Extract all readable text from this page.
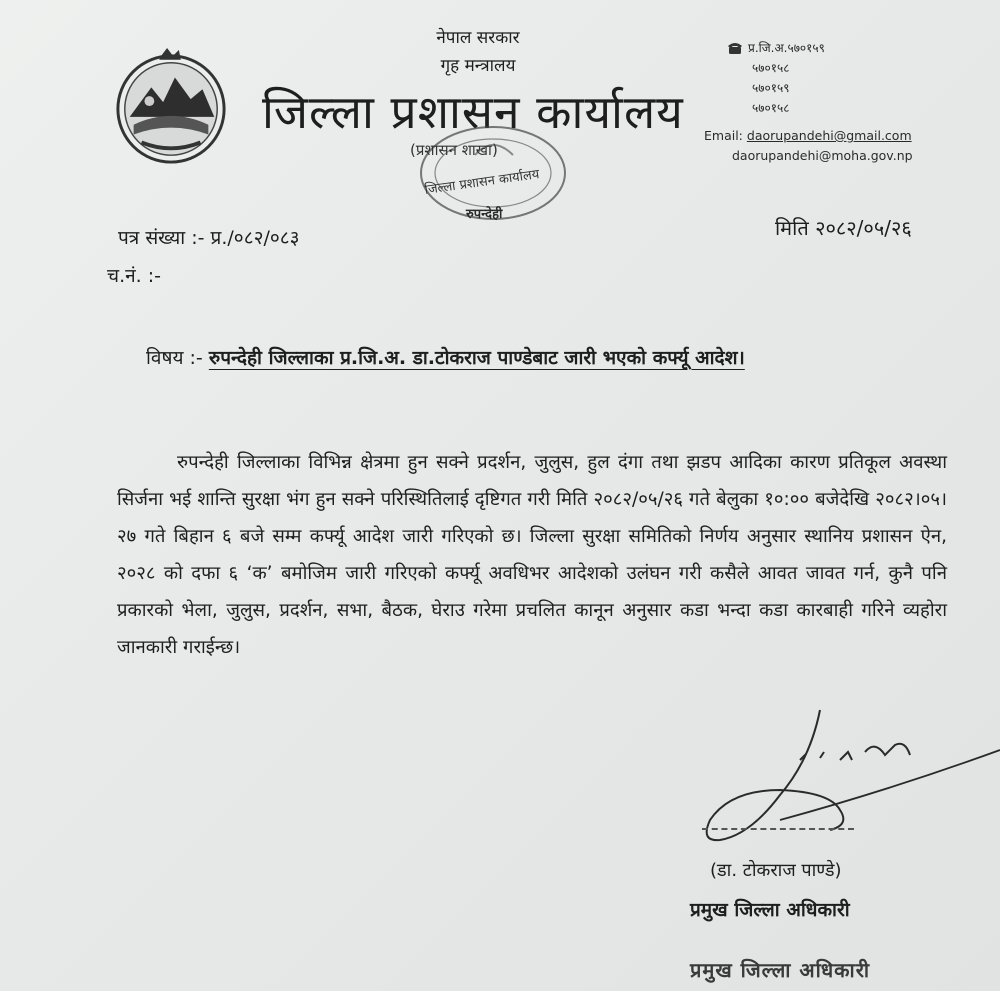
नेपाल सरकार
गृह मन्त्रालय
जिल्ला प्रशासन कार्यालय
(प्रशासन शाखा)
जिल्ला प्रशासन कार्यालय
रुपन्देही
प्र.जि.अ.५७०१५९
५७०१५८
५७०१५९
५७०१५८
Email: daorupandehi@gmail.com
daorupandehi@moha.gov.np
पत्र संख्या :- प्र./०८२/०८३
च.नं. :-
मिति २०८२/०५/२६
विषय :- रुपन्देही जिल्लाका प्र.जि.अ. डा.टोकराज पाण्डेबाट जारी भएको कर्फ्यू आदेश।
रुपन्देही जिल्लाका विभिन्न क्षेत्रमा हुन सक्ने प्रदर्शन, जुलुस, हुल दंगा तथा झडप आदिका कारण प्रतिकूल अवस्था सिर्जना भई शान्ति सुरक्षा भंग हुन सक्ने परिस्थितिलाई दृष्टिगत गरी मिति २०८२/०५/२६ गते बेलुका १०:०० बजेदेखि २०८२।०५।२७ गते बिहान ६ बजे सम्म कर्फ्यू आदेश जारी गरिएको छ। जिल्ला सुरक्षा समितिको निर्णय अनुसार स्थानिय प्रशासन ऐन, २०२८ को दफा ६ ‘क’ बमोजिम जारी गरिएको कर्फ्यू अवधिभर आदेशको उलंघन गरी कसैले आवत जावत गर्न, कुनै पनि प्रकारको भेला, जुलुस, प्रदर्शन, सभा, बैठक, घेराउ गरेमा प्रचलित कानून अनुसार कडा भन्दा कडा कारबाही गरिने व्यहोरा जानकारी गराईन्छ।
(डा. टोकराज पाण्डे)
प्रमुख जिल्ला अधिकारी
प्रमुख जिल्ला अधिकारी
